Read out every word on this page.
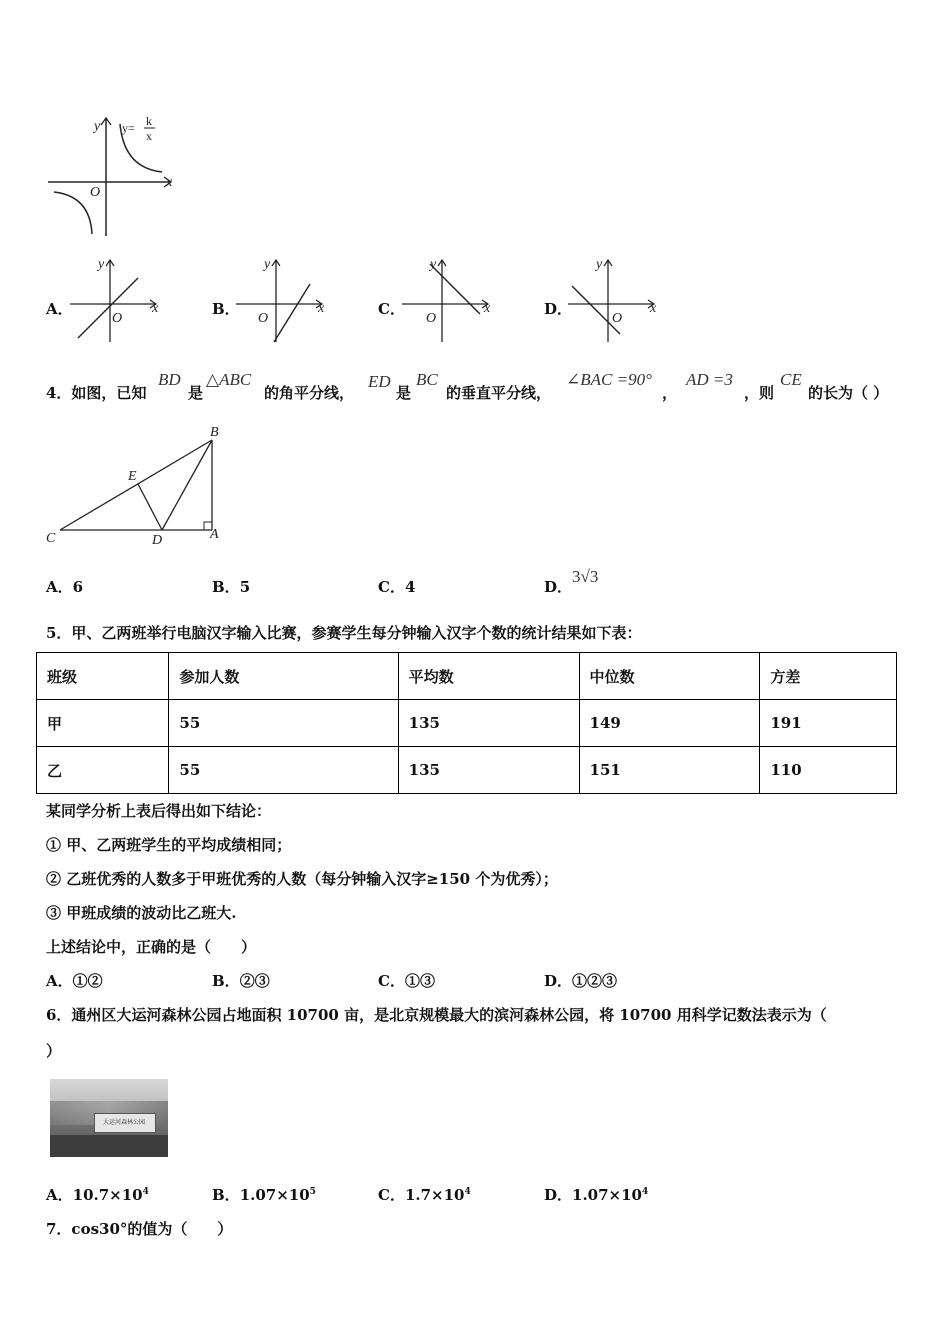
x
y
O
y= k
x
A．	x
y
O
B．	x
y
O
C．	x
y
O
D．	x
y
O
4．如图，已知
BD
是
△ABC
的角平分线，
ED
是
BC
的垂直平分线，
∠BAC =90°
，
AD =3
，则
CE
的长为（ ）
B
E
C	D	A
A．6	B．5	C．4	D．3√3
5．甲、乙两班举行电脑汉字输入比赛，参赛学生每分钟输入汉字个数的统计结果如下表：
班级	参加人数	平均数	中位数	方差
甲	55	135	149	191
乙	55	135	151	110
某同学分析上表后得出如下结论：
① 甲、乙两班学生的平均成绩相同；
② 乙班优秀的人数多于甲班优秀的人数（每分钟输入汉字≥150 个为优秀）；
③ 甲班成绩的波动比乙班大.
上述结论中，正确的是（　　）
A．①②	B．②③	C．①③	D．①②③
6．通州区大运河森林公园占地面积 10700 亩，是北京规模最大的滨河森林公园，将 10700 用科学记数法表示为（
）
大运河森林公园
A．$10.7\times 10^4$	B．$1.07\times 10^5$	C．$1.7\times 10^4$	D．$1.07\times 10^4$
7．cos30°的值为（　　）
